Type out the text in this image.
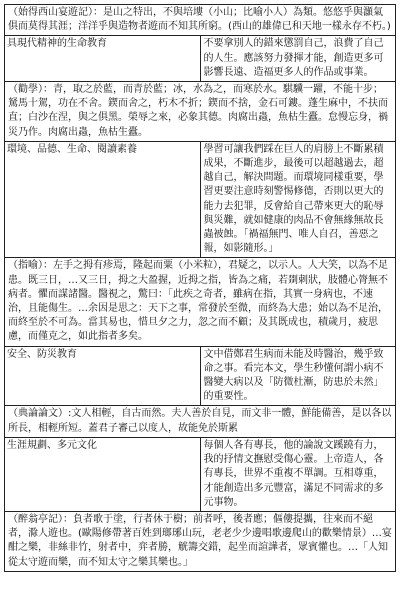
（始得西山宴遊記）：是山之特出，不與培塿（小山；比喻小人）為類。悠悠乎與灝氣俱而莫得其涯；洋洋乎與造物者遊而不知其所窮。(西山的雄偉已和天地一樣永存不朽。)	
具現代精神的生命教育	不要拿別人的錯來懲罰自己，浪費了自己的人生。應該努力發揮才能，創造更多可影響長遠、造福更多人的作品或事業。
（勸學）：青，取之於藍，而青於藍；冰，水為之，而寒於水。騏驥一躍，不能十步；駑馬十駕，功在不舍。鍥而舍之，朽木不折；鍥而不捨，金石可鏤。蓬生麻中，不扶而直；白沙在涅，與之俱黑。榮辱之來，必象其德。肉腐出蟲，魚枯生蠹。怠慢忘身，禍災乃作。肉腐出蟲，魚枯生蠹。	
環境、品德、生命、閱讀素養	學習可讓我們踩在巨人的肩膀上不斷累積成果，不斷進步，最後可以超越過去，超越自己，解決問題。而環境同樣重要，學習更要注意時刻警惕修德，否則以更大的能力去犯罪，反會給自己帶來更大的恥辱與災難，就如健康的肉品不會無緣無故長蟲被蝕。「禍福無門、唯人自召，善惡之報，如影隨形。」
（指喻）：左手之拇有疹焉，隆起而粟（小米粒），君疑之，以示人。人大笑，以為不足患。既三日，…又三日，拇之大盈握，近拇之指，皆為之痛，若剟刺狀，肢體心膂無不病者。懼而謀諸醫。醫視之，驚曰：「此疾之奇者，雖病在指，其實一身病也，不速治，且能傷生。…余因是思之：天下之事，常發於至微，而終為大患；始以為不足治，而終至於不可為。當其易也，惜旦夕之力，忽之而不顧；及其既成也，積歲月，疲思慮，而僅克之，如此指者多矣。	
安全、防災教育	文中借鄭君生病而未能及時醫治，幾乎致命之事。看完本文，學生秒懂何謂小病不醫變大病以及「防微杜漸，防患於未然」的重要性。
（典論論文）:文人相輕，自古而然。夫人善於自見，而文非一體，鮮能備善，是以各以所長，相輕所短。蓋君子審己以度人，故能免於斯累	
生涯規劃、多元文化	每個人各有專長，他的論說文蹊蹺有力，我的抒情文撫慰受傷心靈。上帝造人，各有專長，世界不重複不單調。互相尊重，才能創造出多元豐富，滿足不同需求的多元事物。
（醉翁亭記）：負者歌于塗，行者休于樹；前者呼，後者應；傴僂提攜，往來而不絕者，滁人遊也。(歐陽修帶著百姓到瑯琊山玩，老老少少邊唱歌邊爬山的歡樂情景）…宴酣之樂，非絲非竹，射者中，弈者勝，觥籌交錯，起坐而諠譁者，眾賓懽也。…「人知從太守遊而樂，而不知太守之樂其樂也。」	
